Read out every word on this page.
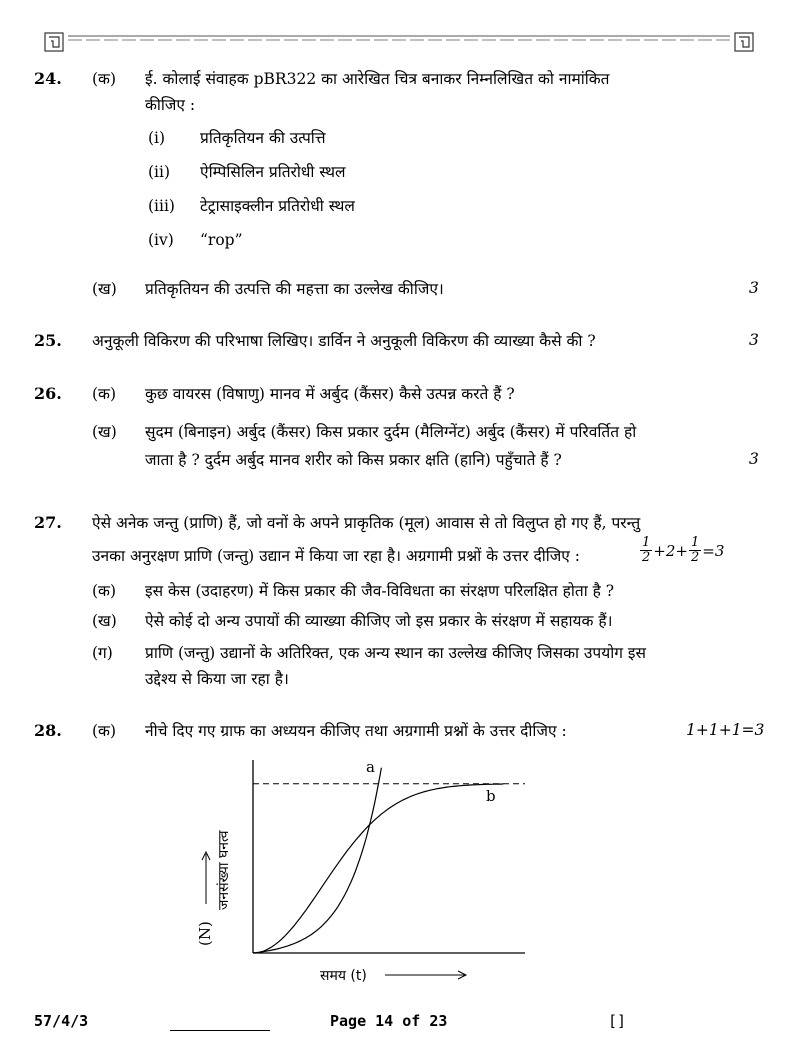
24. (क) ई. कोलाई संवाहक pBR322 का आरेखित चित्र बनाकर निम्नलिखित को नामांकित
कीजिए :
(i) प्रतिकृतियन की उत्पत्ति
(ii) ऐम्पिसिलिन प्रतिरोधी स्थल
(iii) टेट्रासाइक्लीन प्रतिरोधी स्थल
(iv) “rop”
(ख) प्रतिकृतियन की उत्पत्ति की महत्ता का उल्लेख कीजिए।	3
25. अनुकूली विकिरण की परिभाषा लिखिए। डार्विन ने अनुकूली विकिरण की व्याख्या कैसे की ?	3
26. (क) कुछ वायरस (विषाणु) मानव में अर्बुद (कैंसर) कैसे उत्पन्न करते हैं ?
(ख) सुदम (बिनाइन) अर्बुद (कैंसर) किस प्रकार दुर्दम (मैलिग्नेंट) अर्बुद (कैंसर) में परिवर्तित हो
जाता है ? दुर्दम अर्बुद मानव शरीर को किस प्रकार क्षति (हानि) पहुँचाते हैं ?	3
27. ऐसे अनेक जन्तु (प्राणि) हैं, जो वनों के अपने प्राकृतिक (मूल) आवास से तो विलुप्त हो गए हैं, परन्तु
उनका अनुरक्षण प्राणि (जन्तु) उद्यान में किया जा रहा है। अग्रगामी प्रश्नों के उत्तर दीजिए :	$\frac{1}{2} +2+ \frac{1}{2} =3$
(क) इस केस (उदाहरण) में किस प्रकार की जैव-विविधता का संरक्षण परिलक्षित होता है ?
(ख) ऐसे कोई दो अन्य उपायों की व्याख्या कीजिए जो इस प्रकार के संरक्षण में सहायक हैं।
(ग) प्राणि (जन्तु) उद्यानों के अतिरिक्त, एक अन्य स्थान का उल्लेख कीजिए जिसका उपयोग इस
उद्देश्य से किया जा रहा है।
28. (क) नीचे दिए गए ग्राफ का अध्ययन कीजिए तथा अग्रगामी प्रश्नों के उत्तर दीजिए :	1+1+1=3
a
b
जनसंख्या घनत्व
(N)
समय (t)
57/4/3	Page 14 of 23	[]
